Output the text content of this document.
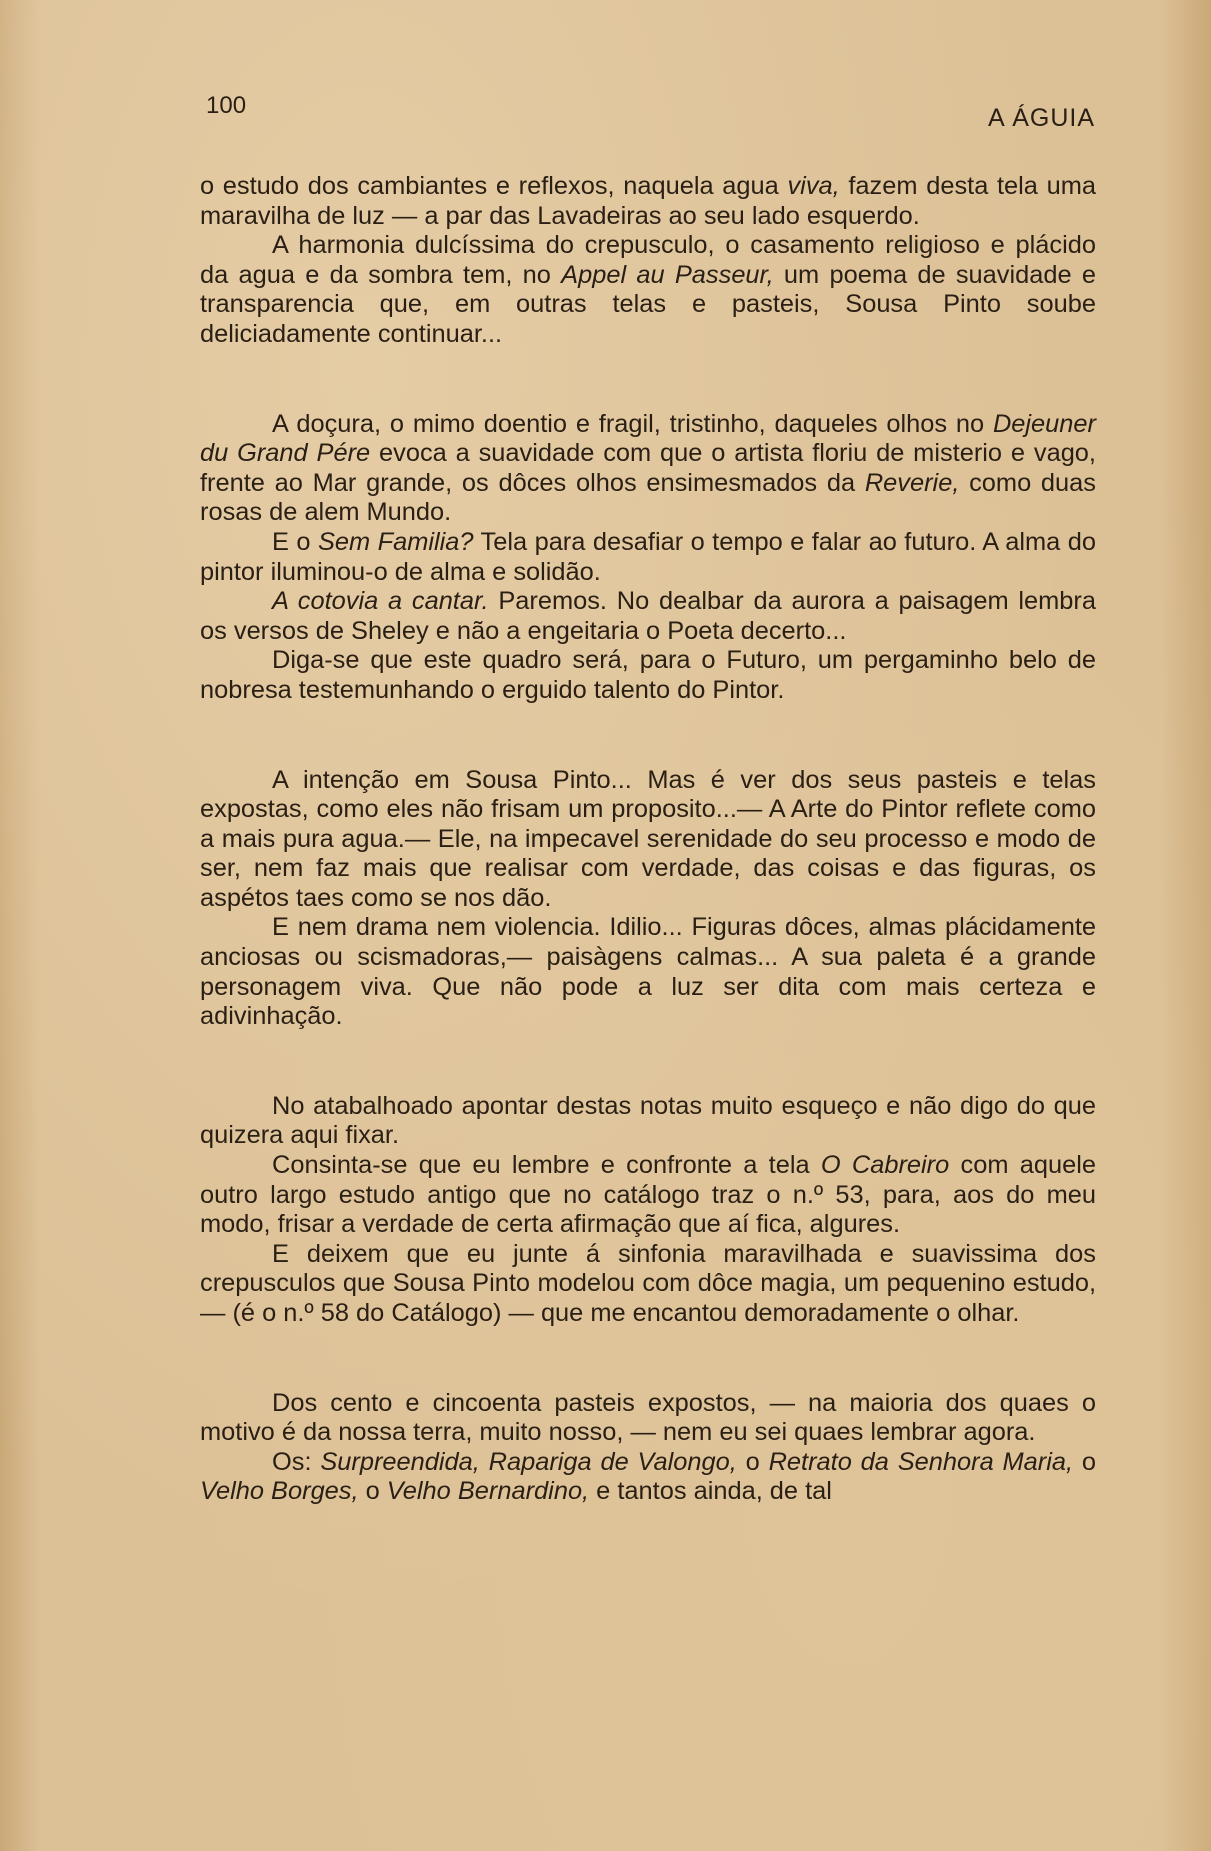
100	A ÁGUIA

o estudo dos cambiantes e reflexos, naquela agua viva, fazem desta tela uma maravilha de luz — a par das Lavadeiras ao seu lado esquerdo.

A harmonia dulcíssima do crepusculo, o casamento religioso e plácido da agua e da sombra tem, no Appel au Passeur, um poema de suavidade e transparencia que, em outras telas e pasteis, Sousa Pinto soube deliciadamente continuar...

A doçura, o mimo doentio e fragil, tristinho, daqueles olhos no Dejeuner du Grand Pére evoca a suavidade com que o artista floriu de misterio e vago, frente ao Mar grande, os dôces olhos ensimesmados da Reverie, como duas rosas de alem Mundo.

E o Sem Familia? Tela para desafiar o tempo e falar ao futuro. A alma do pintor iluminou-o de alma e solidão.

A cotovia a cantar. Paremos. No dealbar da aurora a paisagem lembra os versos de Sheley e não a engeitaria o Poeta decerto...

Diga-se que este quadro será, para o Futuro, um pergaminho belo de nobresa testemunhando o erguido talento do Pintor.

A intenção em Sousa Pinto... Mas é ver dos seus pasteis e telas expostas, como eles não frisam um proposito...— A Arte do Pintor reflete como a mais pura agua.— Ele, na impecavel serenidade do seu processo e modo de ser, nem faz mais que realisar com verdade, das coisas e das figuras, os aspétos taes como se nos dão.

E nem drama nem violencia. Idilio... Figuras dôces, almas plácidamente anciosas ou scismadoras,— paisàgens calmas... A sua paleta é a grande personagem viva. Que não pode a luz ser dita com mais certeza e adivinhação.

No atabalhoado apontar destas notas muito esqueço e não digo do que quizera aqui fixar.

Consinta-se que eu lembre e confronte a tela O Cabreiro com aquele outro largo estudo antigo que no catálogo traz o n.º 53, para, aos do meu modo, frisar a verdade de certa afirmação que aí fica, algures.

E deixem que eu junte á sinfonia maravilhada e suavissima dos crepusculos que Sousa Pinto modelou com dôce magia, um pequenino estudo,— (é o n.º 58 do Catálogo) — que me encantou demoradamente o olhar.

Dos cento e cincoenta pasteis expostos, — na maioria dos quaes o motivo é da nossa terra, muito nosso, — nem eu sei quaes lembrar agora.

Os: Surpreendida, Rapariga de Valongo, o Retrato da Senhora Maria, o Velho Borges, o Velho Bernardino, e tantos ainda, de tal
